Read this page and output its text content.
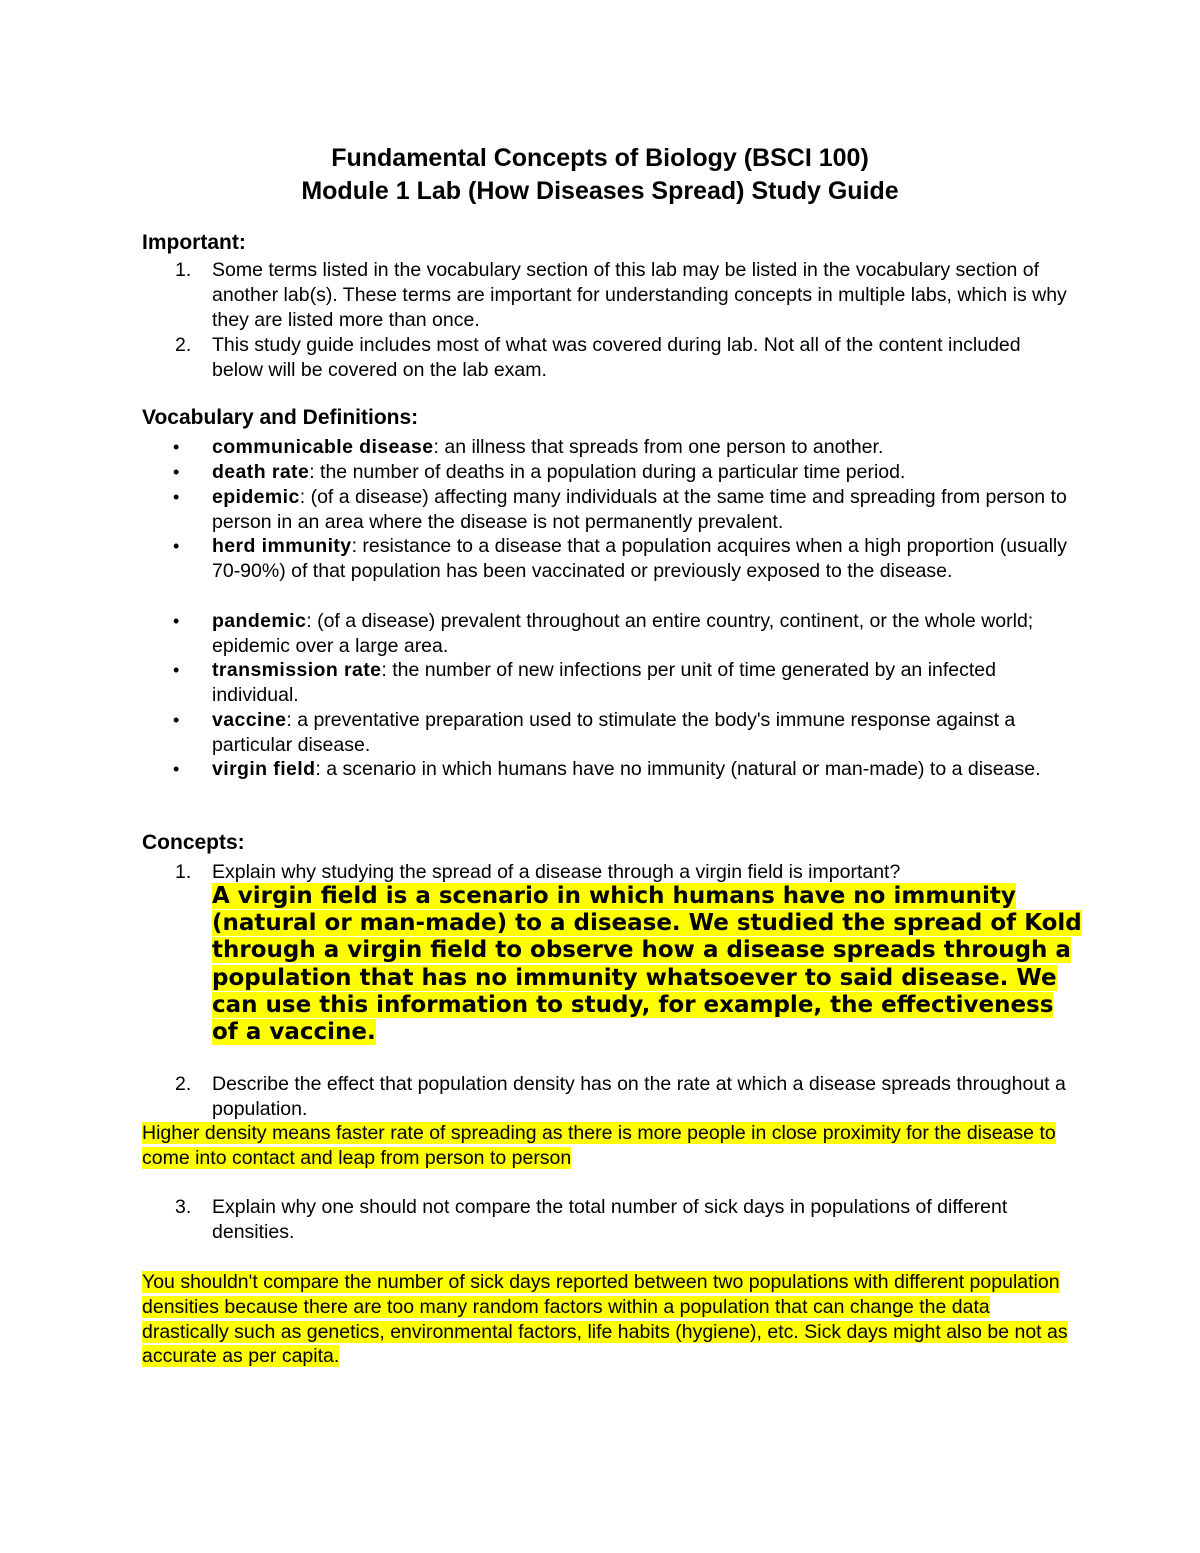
Fundamental Concepts of Biology (BSCI 100)
Module 1 Lab (How Diseases Spread) Study Guide
Important:
1. Some terms listed in the vocabulary section of this lab may be listed in the vocabulary section of another lab(s). These terms are important for understanding concepts in multiple labs, which is why they are listed more than once.
2. This study guide includes most of what was covered during lab. Not all of the content included below will be covered on the lab exam.
Vocabulary and Definitions:
• communicable disease: an illness that spreads from one person to another.
• death rate: the number of deaths in a population during a particular time period.
• epidemic: (of a disease) affecting many individuals at the same time and spreading from person to person in an area where the disease is not permanently prevalent.
• herd immunity: resistance to a disease that a population acquires when a high proportion (usually 70-90%) of that population has been vaccinated or previously exposed to the disease.
• pandemic: (of a disease) prevalent throughout an entire country, continent, or the whole world; epidemic over a large area.
• transmission rate: the number of new infections per unit of time generated by an infected individual.
• vaccine: a preventative preparation used to stimulate the body's immune response against a particular disease.
• virgin field: a scenario in which humans have no immunity (natural or man-made) to a disease.
Concepts:
1. Explain why studying the spread of a disease through a virgin field is important?
A virgin field is a scenario in which humans have no immunity (natural or man-made) to a disease. We studied the spread of Kold through a virgin field to observe how a disease spreads through a population that has no immunity whatsoever to said disease. We can use this information to study, for example, the effectiveness of a vaccine.
2. Describe the effect that population density has on the rate at which a disease spreads throughout a population.
Higher density means faster rate of spreading as there is more people in close proximity for the disease to come into contact and leap from person to person
3. Explain why one should not compare the total number of sick days in populations of different densities.
You shouldn't compare the number of sick days reported between two populations with different population densities because there are too many random factors within a population that can change the data drastically such as genetics, environmental factors, life habits (hygiene), etc. Sick days might also be not as accurate as per capita.
